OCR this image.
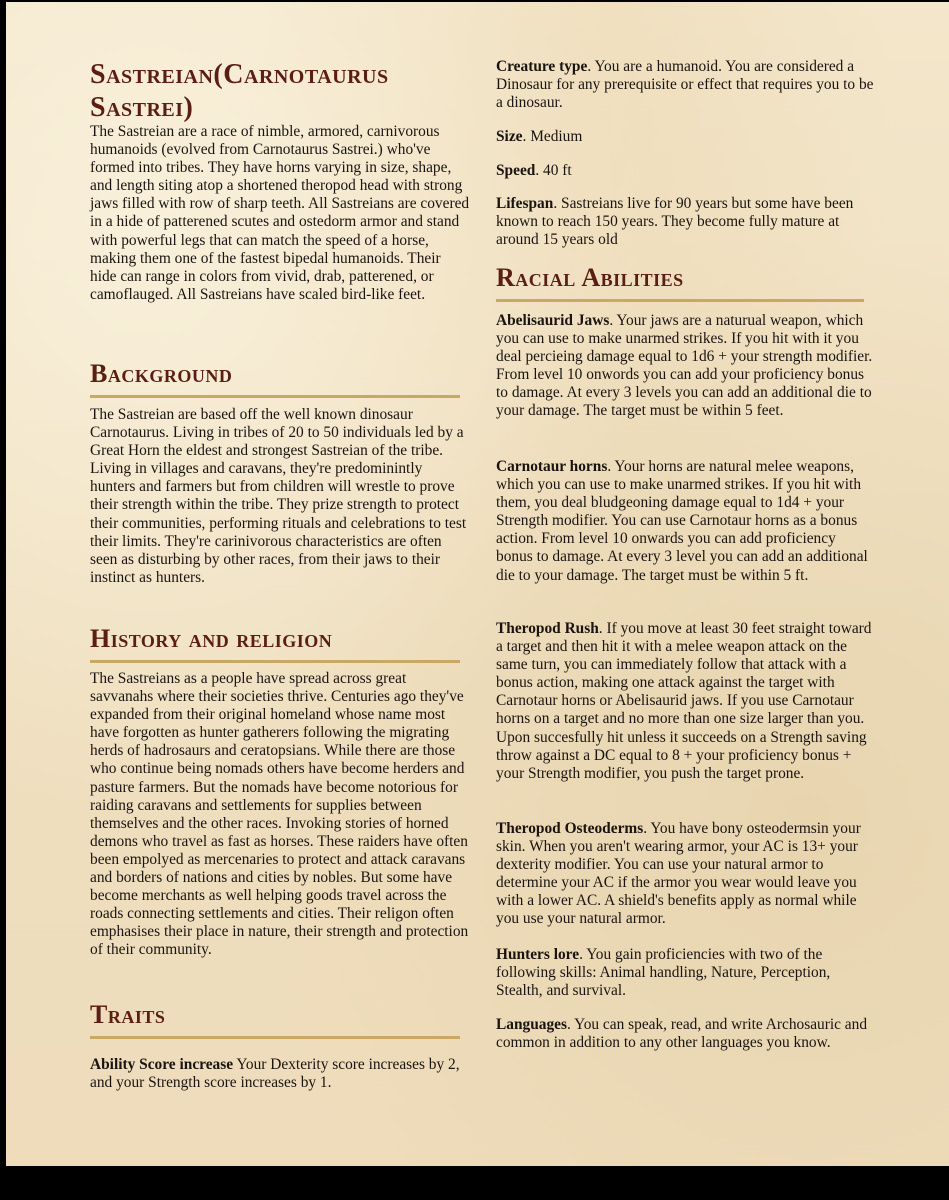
Sastreian(Carnotaurus Sastrei)

The Sastreian are a race of nimble, armored, carnivorous humanoids (evolved from Carnotaurus Sastrei.) who've formed into tribes. They have horns varying in size, shape, and length siting atop a shortened theropod head with strong jaws filled with row of sharp teeth. All Sastreians are covered in a hide of patterened scutes and ostedorm armor and stand with powerful legs that can match the speed of a horse, making them one of the fastest bipedal humanoids. Their hide can range in colors from vivid, drab, patterened, or camoflauged. All Sastreians have scaled bird-like feet.

Background

The Sastreian are based off the well known dinosaur Carnotaurus. Living in tribes of 20 to 50 individuals led by a Great Horn the eldest and strongest Sastreian of the tribe. Living in villages and caravans, they're predominintly hunters and farmers but from children will wrestle to prove their strength within the tribe. They prize strength to protect their communities, performing rituals and celebrations to test their limits. They're carinivorous characteristics are often seen as disturbing by other races, from their jaws to their instinct as hunters.

History and religion

The Sastreians as a people have spread across great savvanahs where their societies thrive. Centuries ago they've expanded from their original homeland whose name most have forgotten as hunter gatherers following the migrating herds of hadrosaurs and ceratopsians. While there are those who continue being nomads others have become herders and pasture farmers. But the nomads have become notorious for raiding caravans and settlements for supplies between themselves and the other races. Invoking stories of horned demons who travel as fast as horses. These raiders have often been empolyed as mercenaries to protect and attack caravans and borders of nations and cities by nobles. But some have become merchants as well helping goods travel across the roads connecting settlements and cities. Their religon often emphasises their place in nature, their strength and protection of their community.

Traits

Ability Score increase Your Dexterity score increases by 2, and your Strength score increases by 1.

Creature type. You are a humanoid. You are considered a Dinosaur for any prerequisite or effect that requires you to be a dinosaur.

Size. Medium

Speed. 40 ft

Lifespan. Sastreians live for 90 years but some have been known to reach 150 years. They become fully mature at around 15 years old

Racial Abilities

Abelisaurid Jaws. Your jaws are a naturual weapon, which you can use to make unarmed strikes. If you hit with it you deal percieing damage equal to 1d6 + your strength modifier. From level 10 onwords you can add your proficiency bonus to damage. At every 3 levels you can add an additional die to your damage. The target must be within 5 feet.

Carnotaur horns. Your horns are natural melee weapons, which you can use to make unarmed strikes. If you hit with them, you deal bludgeoning damage equal to 1d4 + your Strength modifier. You can use Carnotaur horns as a bonus action. From level 10 onwards you can add proficiency bonus to damage. At every 3 level you can add an additional die to your damage. The target must be within 5 ft.

Theropod Rush. If you move at least 30 feet straight toward a target and then hit it with a melee weapon attack on the same turn, you can immediately follow that attack with a bonus action, making one attack against the target with Carnotaur horns or Abelisaurid jaws. If you use Carnotaur horns on a target and no more than one size larger than you. Upon succesfully hit unless it succeeds on a Strength saving throw against a DC equal to 8 + your proficiency bonus + your Strength modifier, you push the target prone.

Theropod Osteoderms. You have bony osteodermsin your skin. When you aren't wearing armor, your AC is 13+ your dexterity modifier. You can use your natural armor to determine your AC if the armor you wear would leave you with a lower AC. A shield's benefits apply as normal while you use your natural armor.

Hunters lore. You gain proficiencies with two of the following skills: Animal handling, Nature, Perception, Stealth, and survival.

Languages. You can speak, read, and write Archosauric and common in addition to any other languages you know.
